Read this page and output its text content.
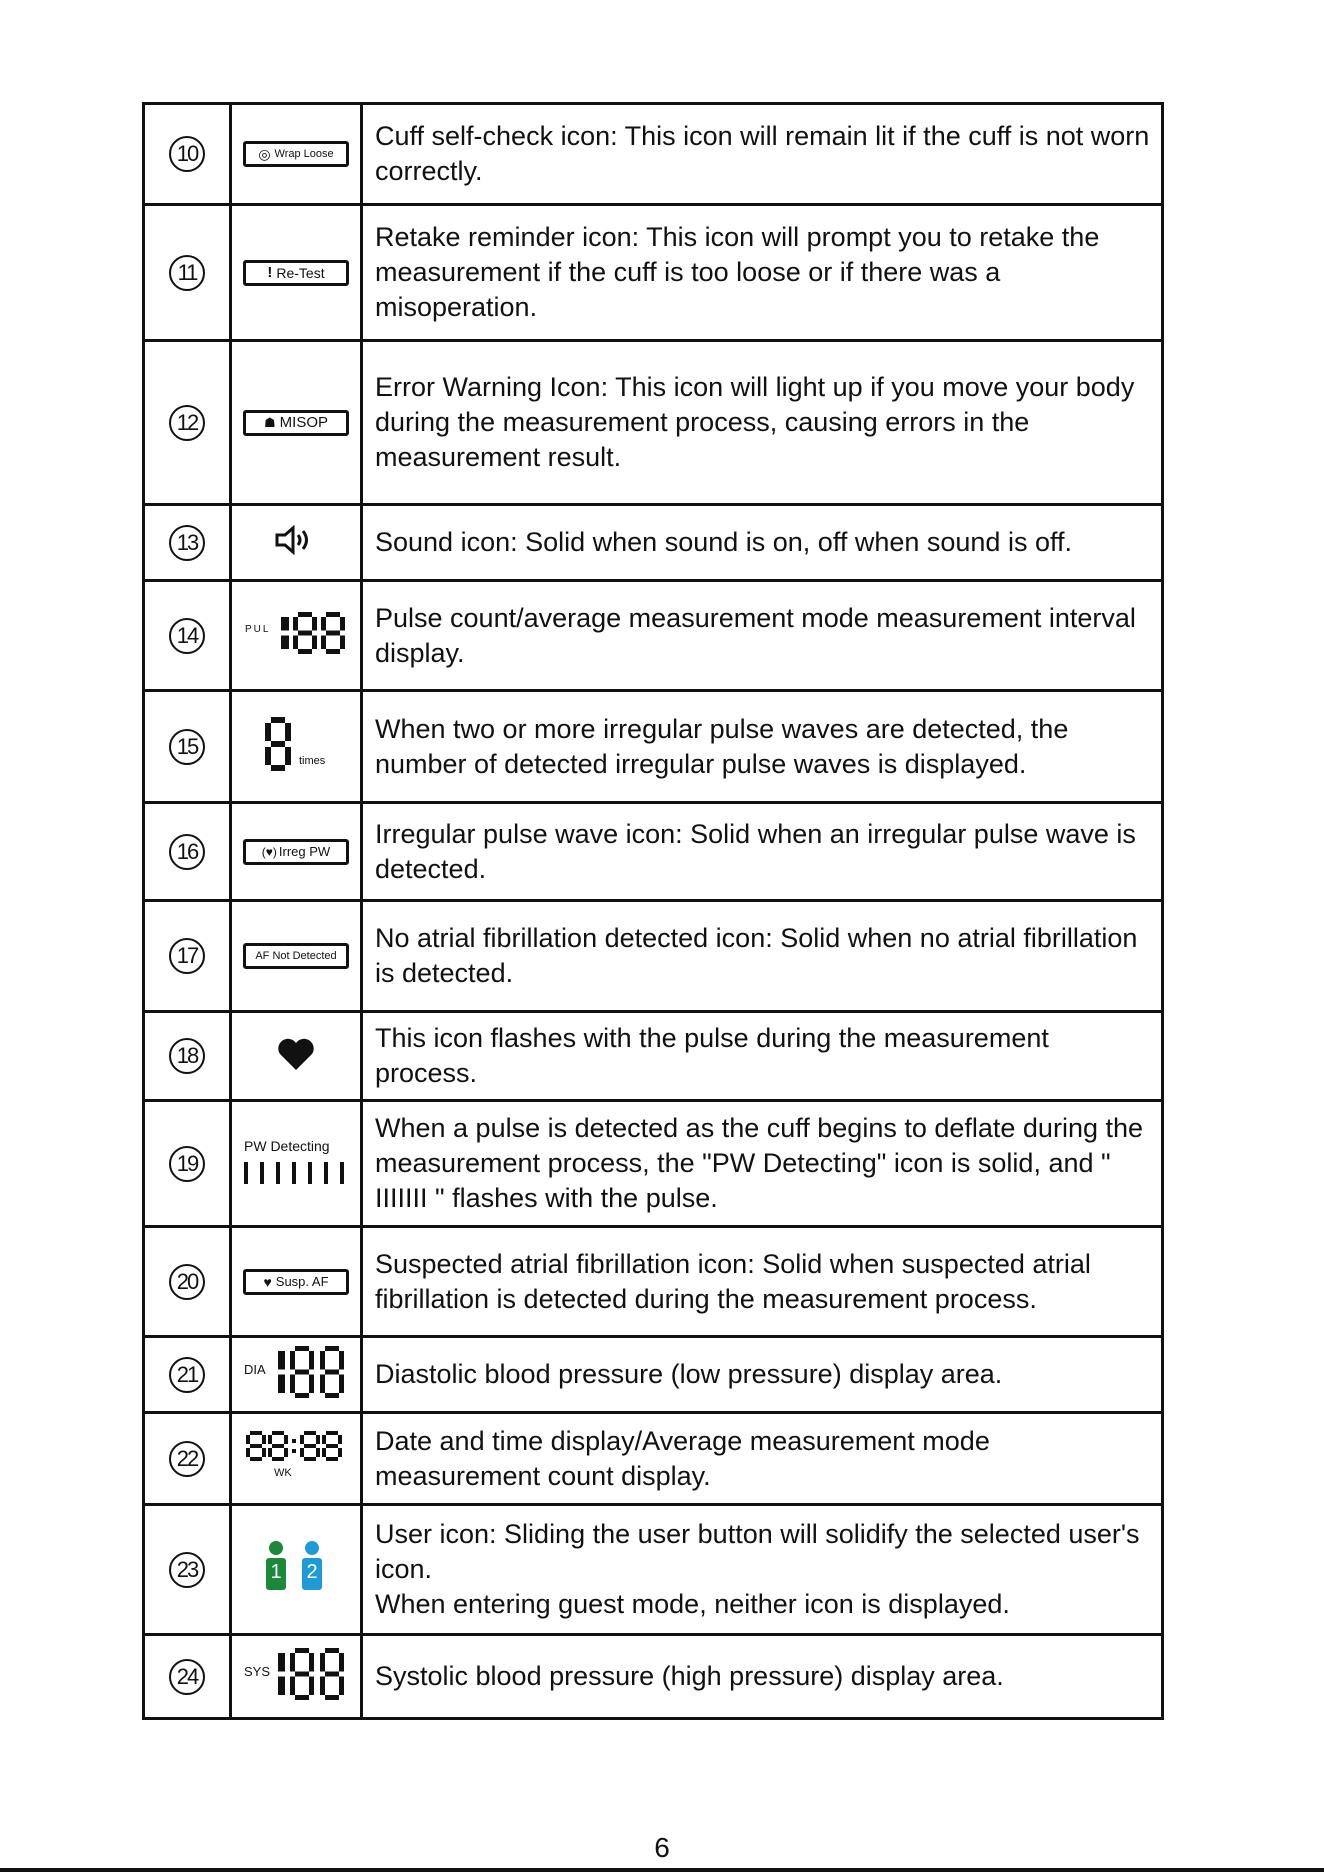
10	◎ Wrap Loose	Cuff self-check icon: This icon will remain lit if the cuff is not worn correctly.
11	! Re-Test	Retake reminder icon: This icon will prompt you to retake the measurement if the cuff is too loose or if there was a misoperation.
12	☗ MISOP	Error Warning Icon: This icon will light up if you move your body during the measurement process, causing errors in the measurement result.
13		Sound icon: Solid when sound is on, off when sound is off.
14	PUL	Pulse count/average measurement mode measurement interval display.
15	times	When two or more irregular pulse waves are detected, the number of detected irregular pulse waves is displayed.
16	(♥) Irreg PW	Irregular pulse wave icon: Solid when an irregular pulse wave is detected.
17	AF Not Detected	No atrial fibrillation detected icon: Solid when no atrial fibrillation is detected.
18		This icon flashes with the pulse during the measurement process.
19	PW Detecting	When a pulse is detected as the cuff begins to deflate during the measurement process, the "PW Detecting" icon is solid, and " IIIIIII " flashes with the pulse.
20	♥ Susp. AF	Suspected atrial fibrillation icon: Solid when suspected atrial fibrillation is detected during the measurement process.
21	DIA	Diastolic blood pressure (low pressure) display area.
22	WK	Date and time display/Average measurement mode measurement count display.
23	1 2	User icon: Sliding the user button will solidify the selected user's icon.
When entering guest mode, neither icon is displayed.
24	SYS	Systolic blood pressure (high pressure) display area.
6
